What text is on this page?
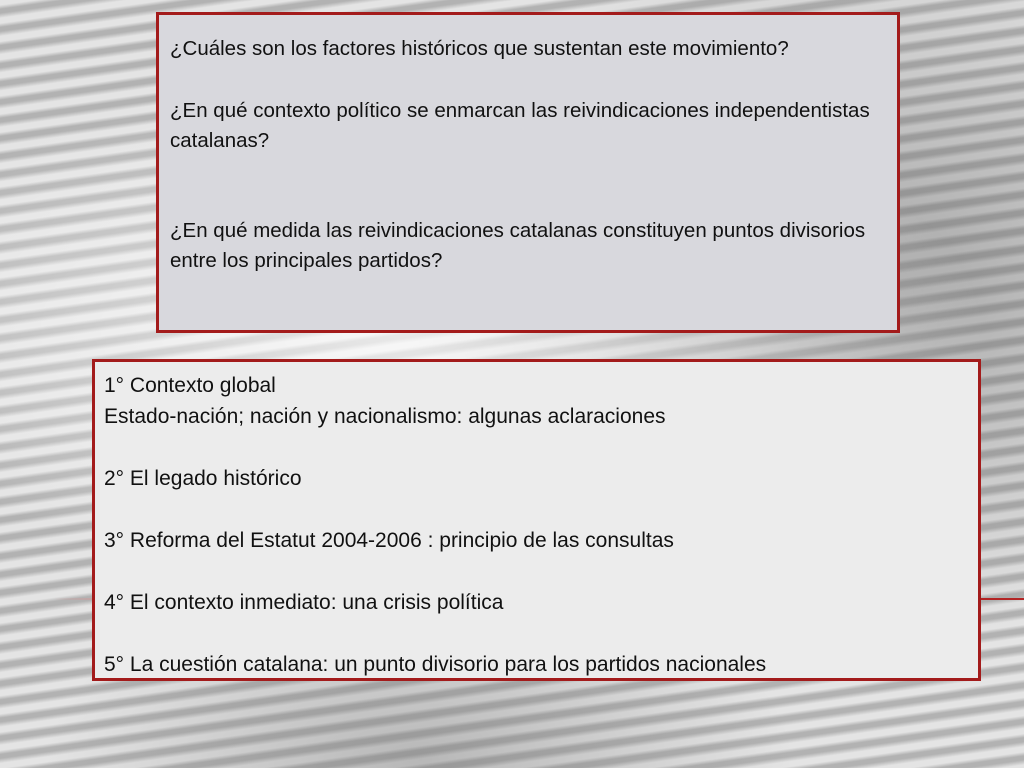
¿Cuáles son los factores históricos que sustentan este movimiento?

¿En qué contexto político se enmarcan las reivindicaciones independentistas catalanas?

¿En qué medida las reivindicaciones catalanas constituyen puntos divisorios entre los principales partidos?

1° Contexto global

Estado-nación; nación y nacionalismo: algunas aclaraciones

2° El legado histórico

3° Reforma del Estatut 2004-2006 : principio de las consultas

4° El contexto inmediato: una crisis política

5° La cuestión catalana: un punto divisorio para los partidos nacionales
